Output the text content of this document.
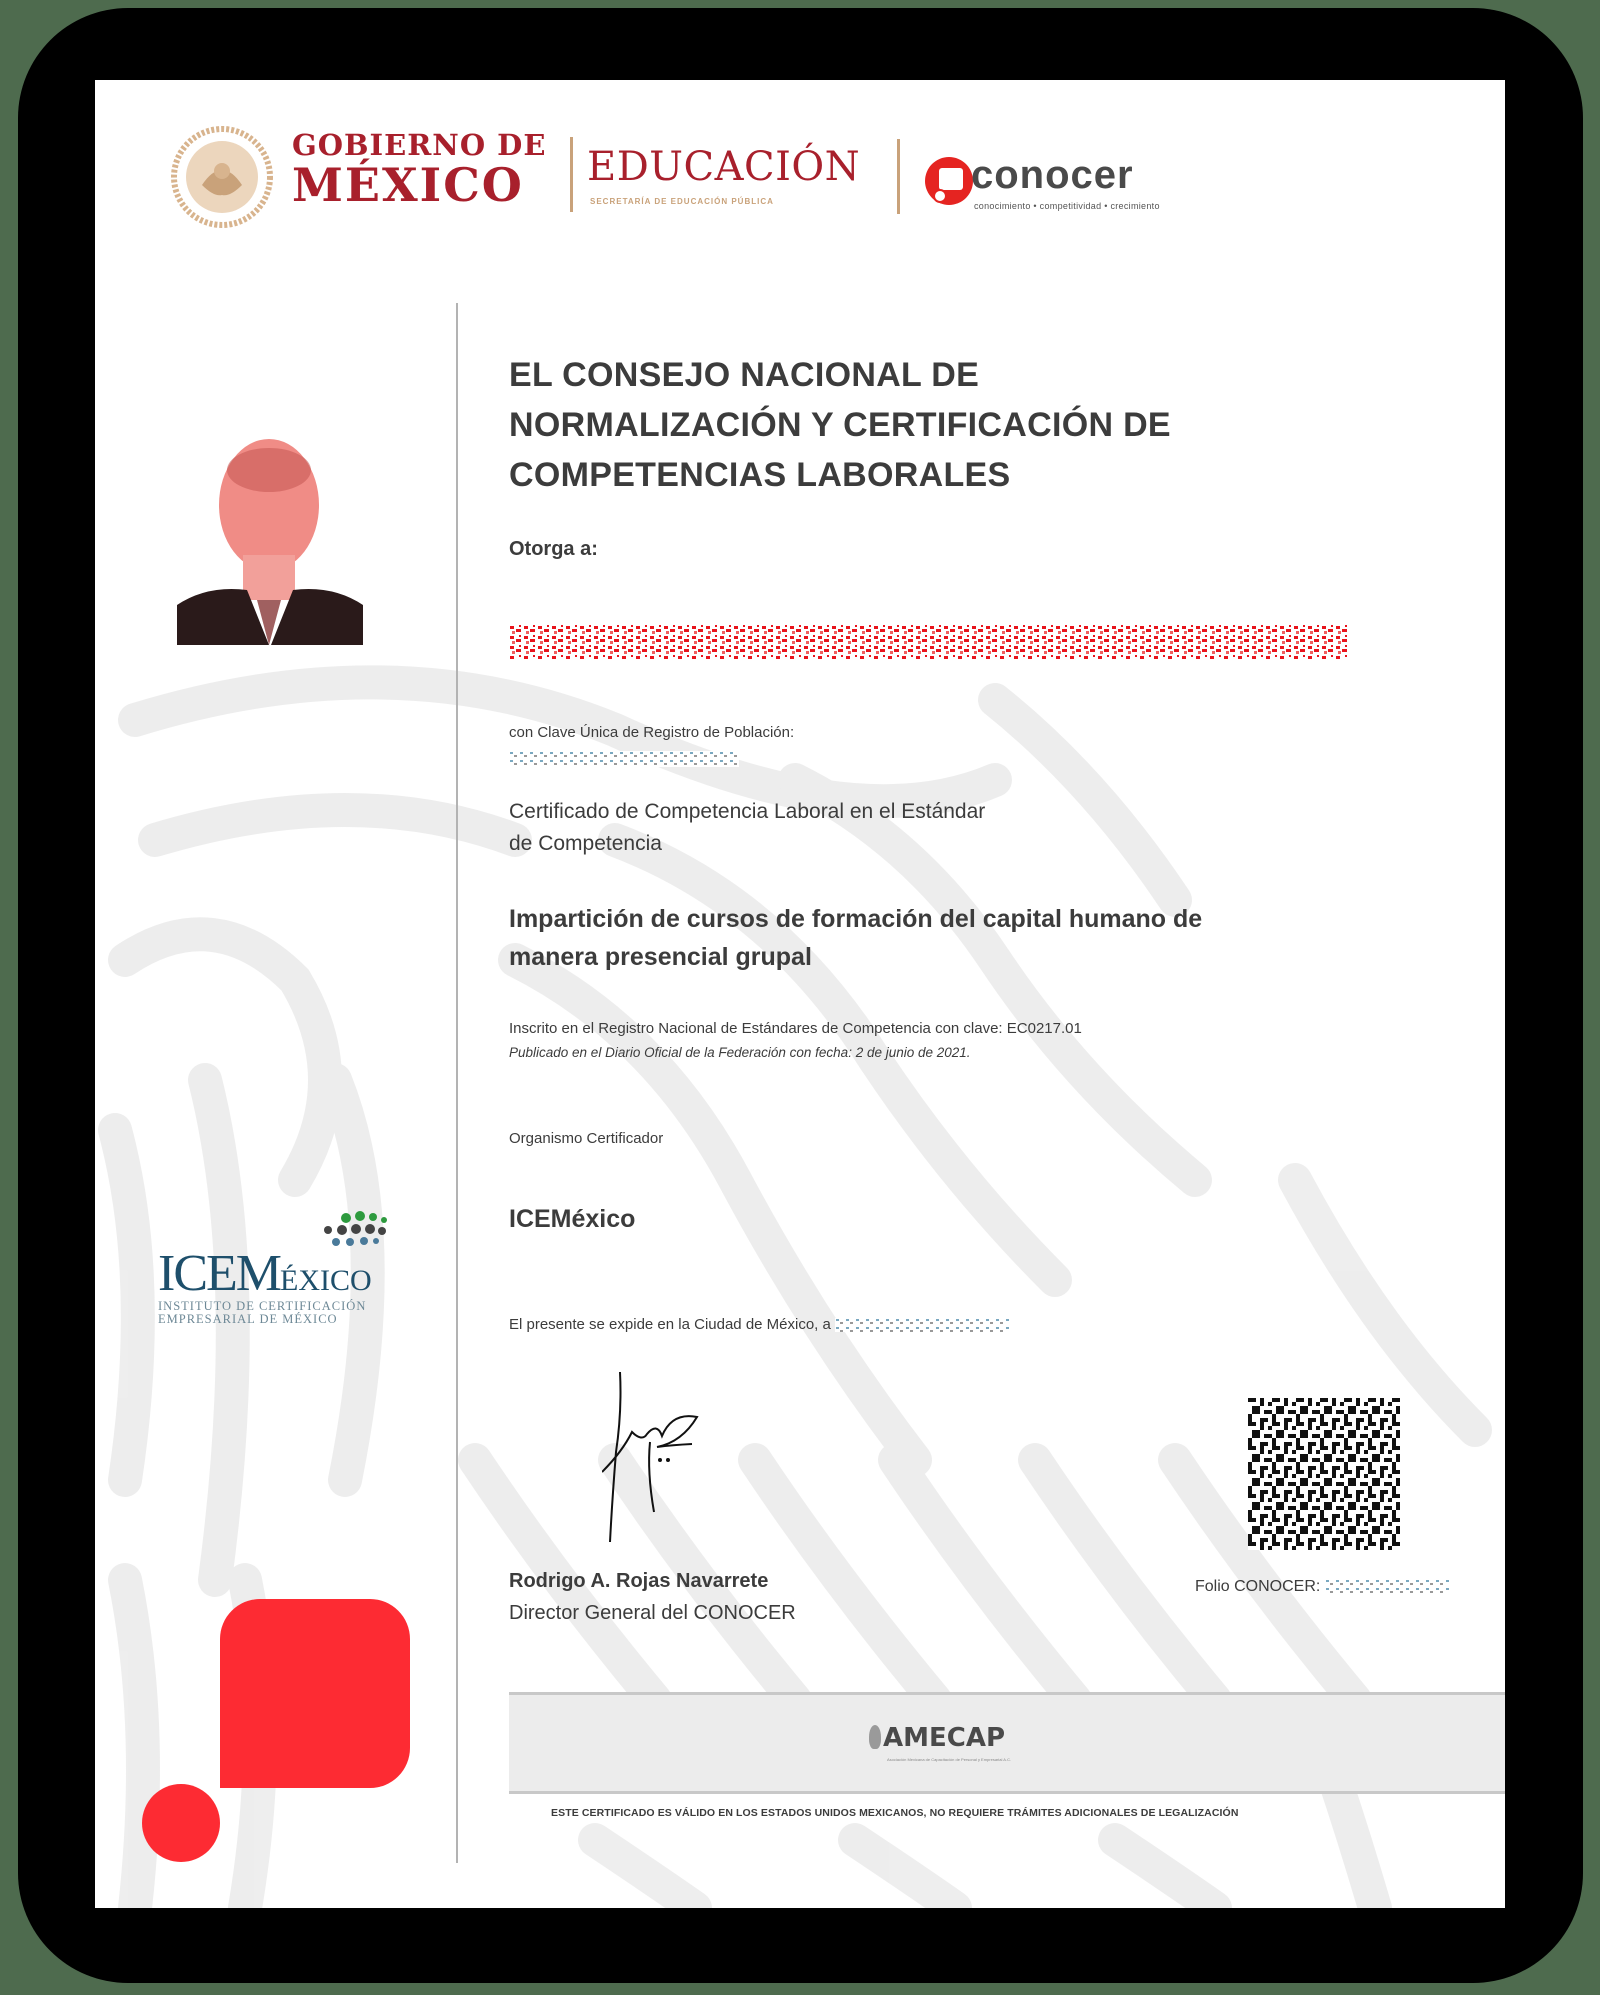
GOBIERNO DE
MÉXICO	EDUCACIÓN
SECRETARÍA DE EDUCACIÓN PÚBLICA
conocer
conocimiento • competitividad • crecimiento
ICEMÉXICO
INSTITUTO DE CERTIFICACIÓN
EMPRESARIAL DE MÉXICO
EL CONSEJO NACIONAL DE
NORMALIZACIÓN Y CERTIFICACIÓN DE
COMPETENCIAS LABORALES
Otorga a:
con Clave Única de Registro de Población:
Certificado de Competencia Laboral en el Estándar
de Competencia
Impartición de cursos de formación del capital humano de
manera presencial grupal
Inscrito en el Registro Nacional de Estándares de Competencia con clave: EC0217.01
Publicado en el Diario Oficial de la Federación con fecha: 2 de junio de 2021.
Organismo Certificador
ICEMéxico
El presente se expide en la Ciudad de México, a
Rodrigo A. Rojas Navarrete
Director General del CONOCER
Folio CONOCER:
AMECAP
Asociación Mexicana de Capacitación de Personal y Empresarial A.C.
ESTE CERTIFICADO ES VÁLIDO EN LOS ESTADOS UNIDOS MEXICANOS, NO REQUIERE TRÁMITES ADICIONALES DE LEGALIZACIÓN
